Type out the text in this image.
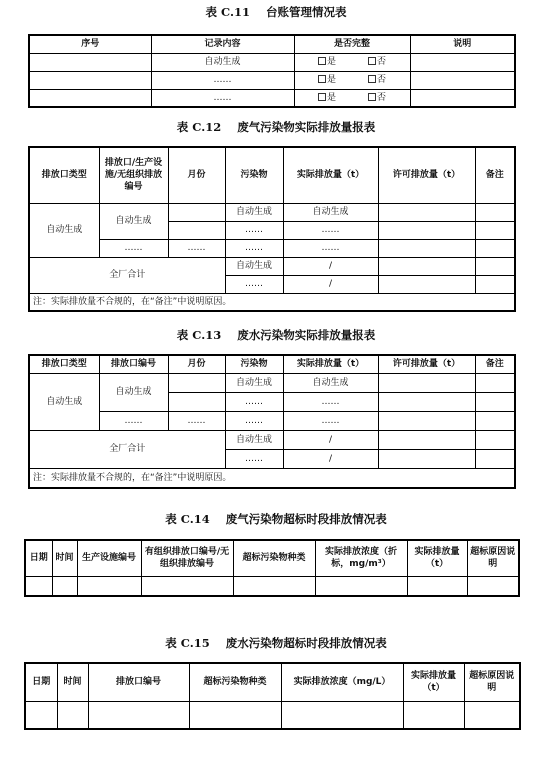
表 C.11    台账管理情况表
序号	记录内容	是否完整	说明
	自动生成	是 否	
	……	是 否	
	……	是 否	
表 C.12    废气污染物实际排放量报表
排放口类型	排放口/生产设施/无组织排放编号	月份	污染物	实际排放量（t）	许可排放量（t）	备注
自动生成	自动生成		自动生成	自动生成		
			……	……		
	……	……	……	……		
全厂合计			自动生成	/		
			……	/		
注：实际排放量不合规的，在“备注”中说明原因。						
表 C.13    废水污染物实际排放量报表
排放口类型	排放口编号	月份	污染物	实际排放量（t）	许可排放量（t）	备注
自动生成	自动生成		自动生成	自动生成		
			……	……		
	……	……	……	……		
全厂合计			自动生成	/		
			……	/		
注：实际排放量不合规的，在“备注”中说明原因。						
表 C.14    废气污染物超标时段排放情况表
日期	时间	生产设施编号	有组织排放口编号/无组织排放编号	超标污染物种类	实际排放浓度（折标，mg/m³）	实际排放量（t）	超标原因说明

表 C.15    废水污染物超标时段排放情况表
日期	时间	排放口编号	超标污染物种类	实际排放浓度（mg/L）	实际排放量（t）	超标原因说明
